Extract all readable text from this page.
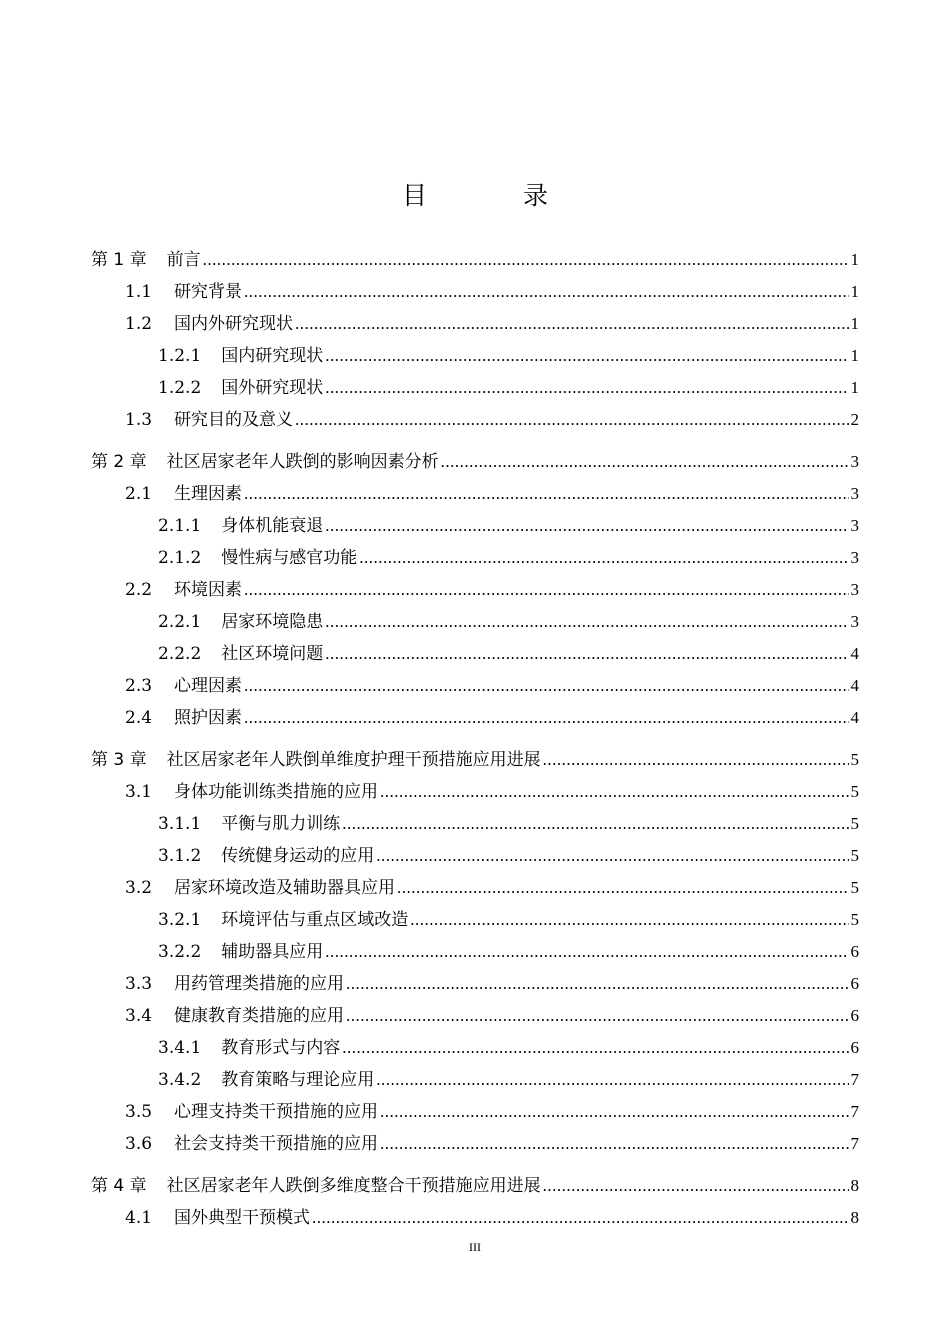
目 录
第 1 章 前言 .....	1
1.1 研究背景 .....	1
1.2 国内外研究现状 .....	1
1.2.1 国内研究现状 .....	1
1.2.2 国外研究现状 .....	1
1.3 研究目的及意义 .....	2
第 2 章 社区居家老年人跌倒的影响因素分析 .....	3
2.1 生理因素 .....	3
2.1.1 身体机能衰退 .....	3
2.1.2 慢性病与感官功能 .....	3
2.2 环境因素 .....	3
2.2.1 居家环境隐患 .....	3
2.2.2 社区环境问题 .....	4
2.3 心理因素 .....	4
2.4 照护因素 .....	4
第 3 章 社区居家老年人跌倒单维度护理干预措施应用进展 .....	5
3.1 身体功能训练类措施的应用 .....	5
3.1.1 平衡与肌力训练 .....	5
3.1.2 传统健身运动的应用 .....	5
3.2 居家环境改造及辅助器具应用 .....	5
3.2.1 环境评估与重点区域改造 .....	5
3.2.2 辅助器具应用 .....	6
3.3 用药管理类措施的应用 .....	6
3.4 健康教育类措施的应用 .....	6
3.4.1 教育形式与内容 .....	6
3.4.2 教育策略与理论应用 .....	7
3.5 心理支持类干预措施的应用 .....	7
3.6 社会支持类干预措施的应用 .....	7
第 4 章 社区居家老年人跌倒多维度整合干预措施应用进展 .....	8
4.1 国外典型干预模式 .....	8
III
